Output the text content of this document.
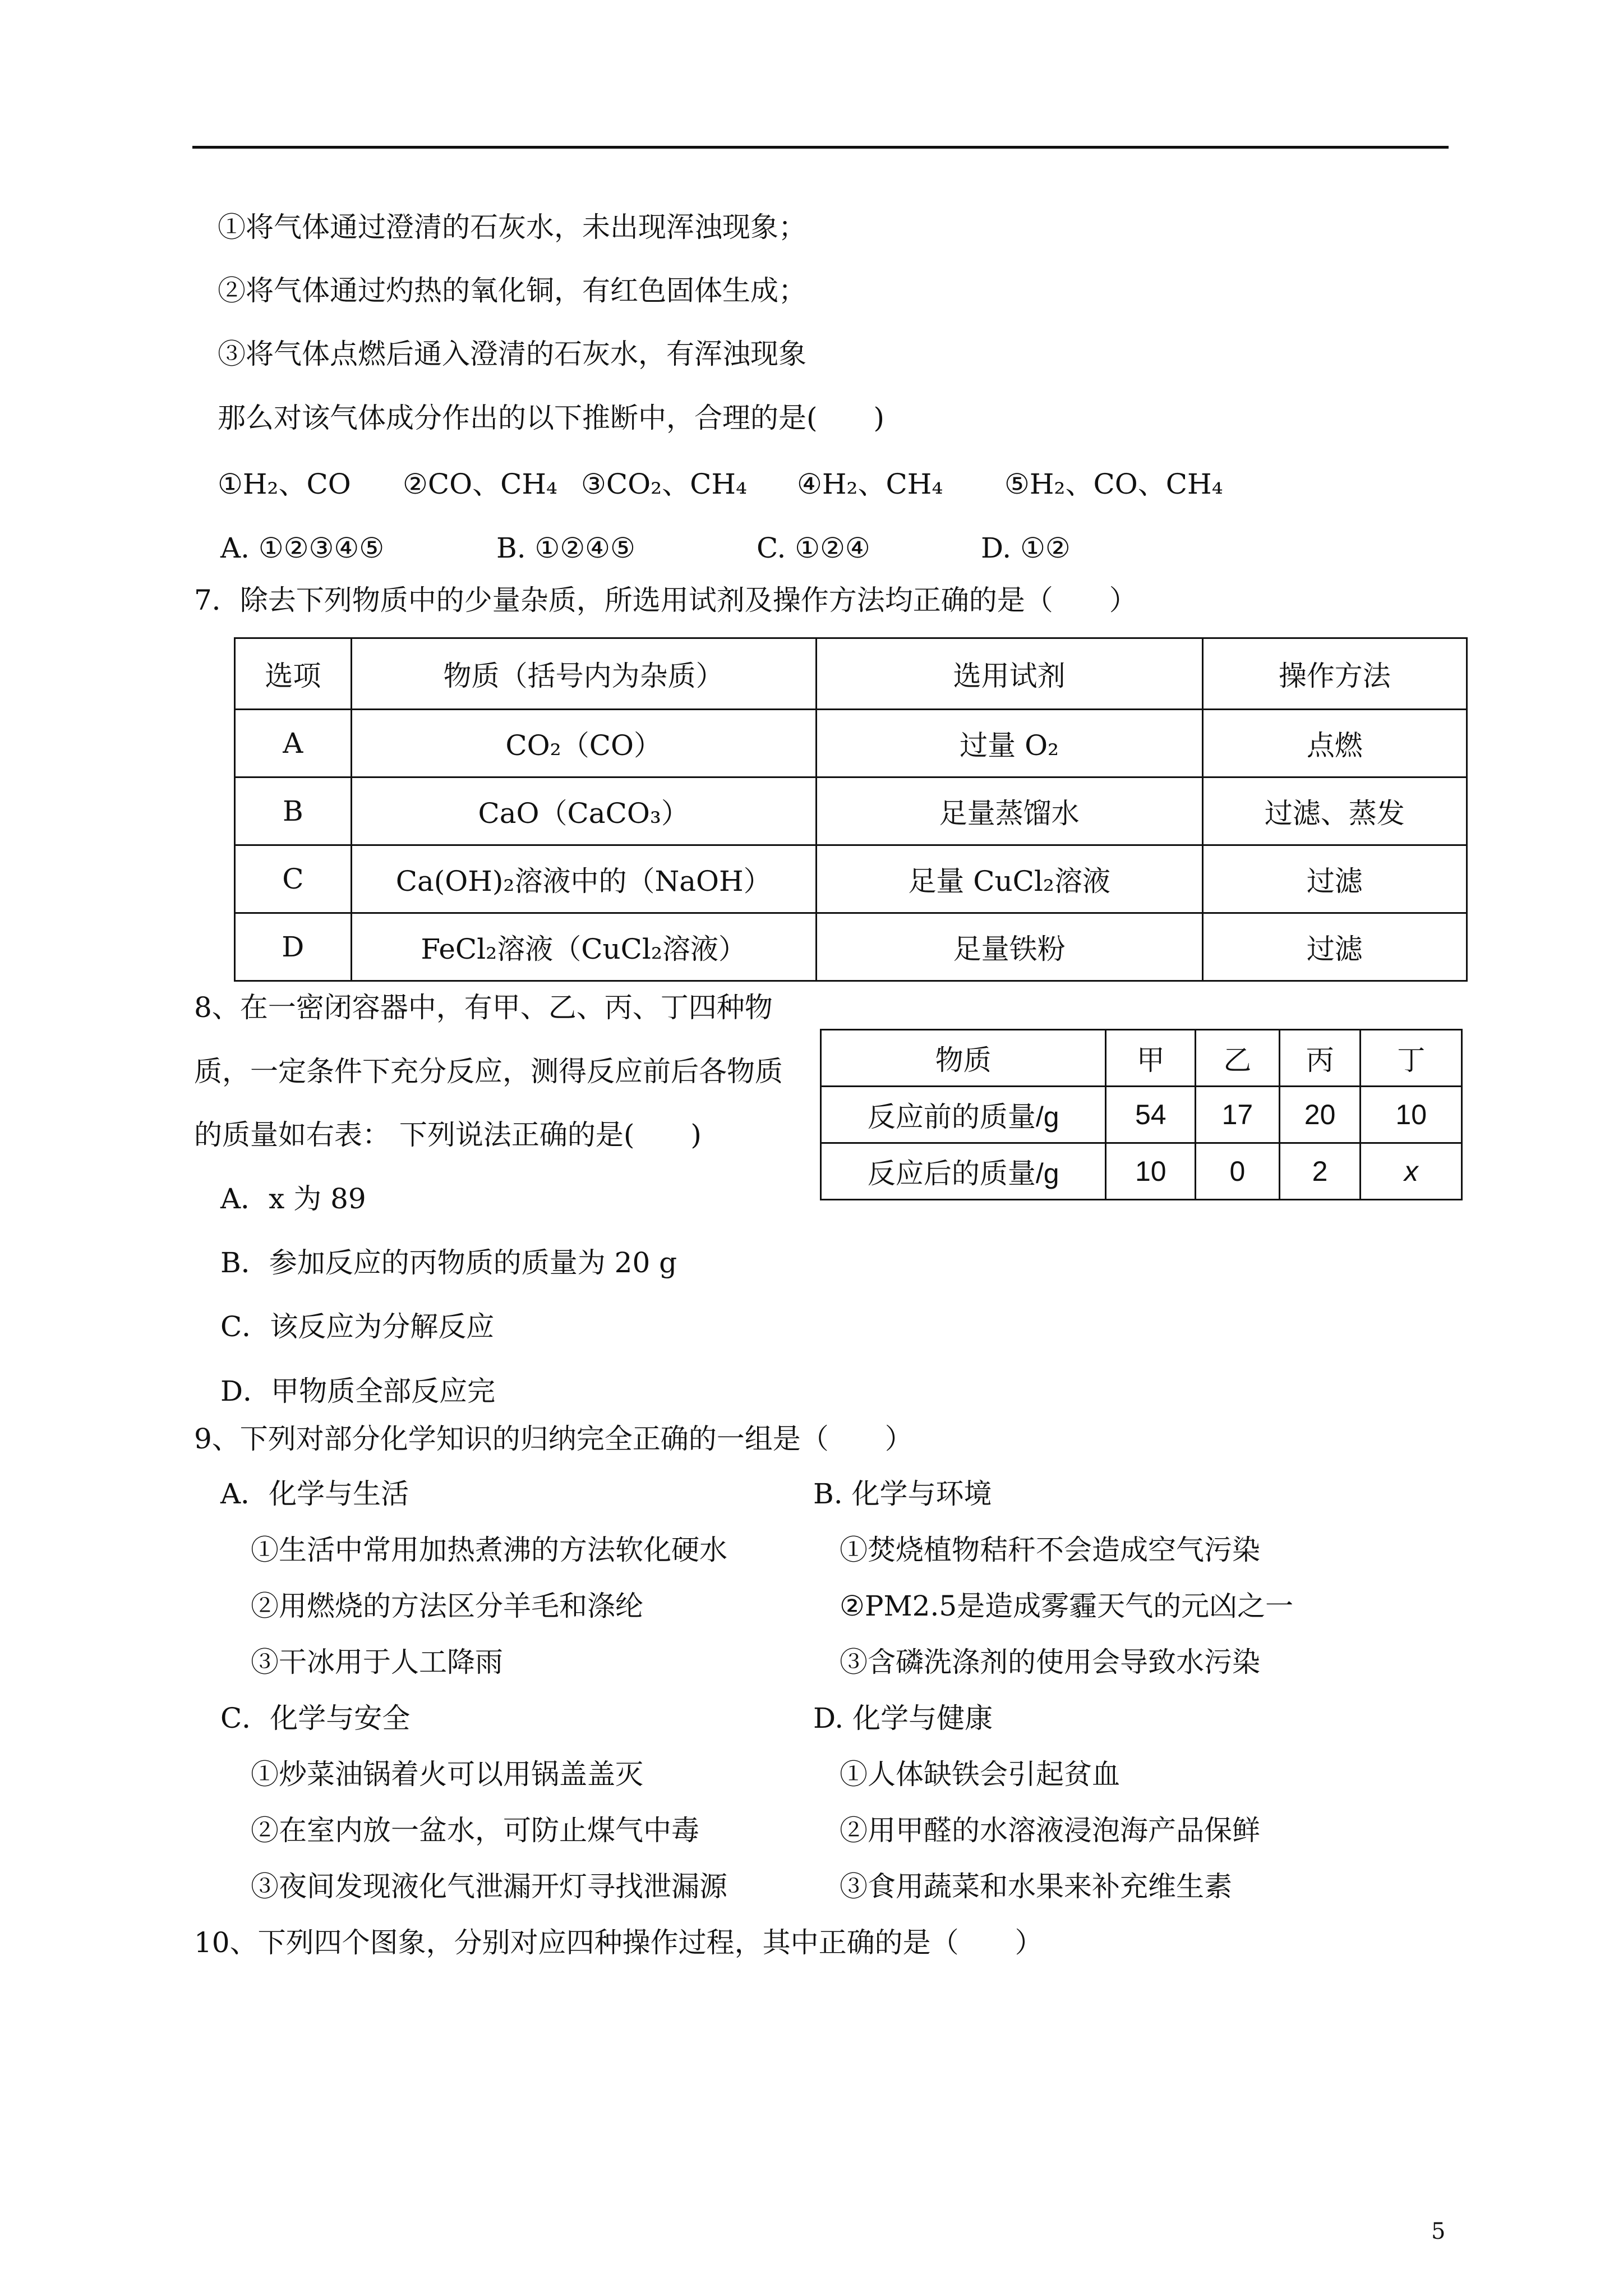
①将气体通过澄清的石灰水，未出现浑浊现象；
②将气体通过灼热的氧化铜，有红色固体生成；
③将气体点燃后通入澄清的石灰水，有浑浊现象
那么对该气体成分作出的以下推断中，合理的是(　　)
①H₂、CO ②CO、CH₄ ③CO₂、CH₄ ④H₂、CH₄ ⑤H₂、CO、CH₄
A. ①②③④⑤	B. ①②④⑤	C. ①②④	D. ①②
7．除去下列物质中的少量杂质，所选用试剂及操作方法均正确的是（　　）
选项	物质（括号内为杂质）	选用试剂	操作方法
A	CO₂（CO）	过量 O₂	点燃
B	CaO（CaCO₃）	足量蒸馏水	过滤、蒸发
C	Ca(OH)₂溶液中的（NaOH）	足量 CuCl₂溶液	过滤
D	FeCl₂溶液（CuCl₂溶液）	足量铁粉	过滤
8、在一密闭容器中，有甲、乙、丙、丁四种物
质，一定条件下充分反应，测得反应前后各物质
的质量如右表： 下列说法正确的是(　　)
A．x 为 89
B．参加反应的丙物质的质量为 20 g
C．该反应为分解反应
D．甲物质全部反应完
物质	甲	乙	丙	丁
反应前的质量/g	54	17	20	10
反应后的质量/g	10	0	2	x
9、下列对部分化学知识的归纳完全正确的一组是（　　）
A．化学与生活
①生活中常用加热煮沸的方法软化硬水
②用燃烧的方法区分羊毛和涤纶
③干冰用于人工降雨
B. 化学与环境
①焚烧植物秸秆不会造成空气污染
②PM2.5是造成雾霾天气的元凶之一
③含磷洗涤剂的使用会导致水污染
C．化学与安全
①炒菜油锅着火可以用锅盖盖灭
②在室内放一盆水，可防止煤气中毒
③夜间发现液化气泄漏开灯寻找泄漏源
D. 化学与健康
①人体缺铁会引起贫血
②用甲醛的水溶液浸泡海产品保鲜
③食用蔬菜和水果来补充维生素
10、下列四个图象，分别对应四种操作过程，其中正确的是（　　）
5
